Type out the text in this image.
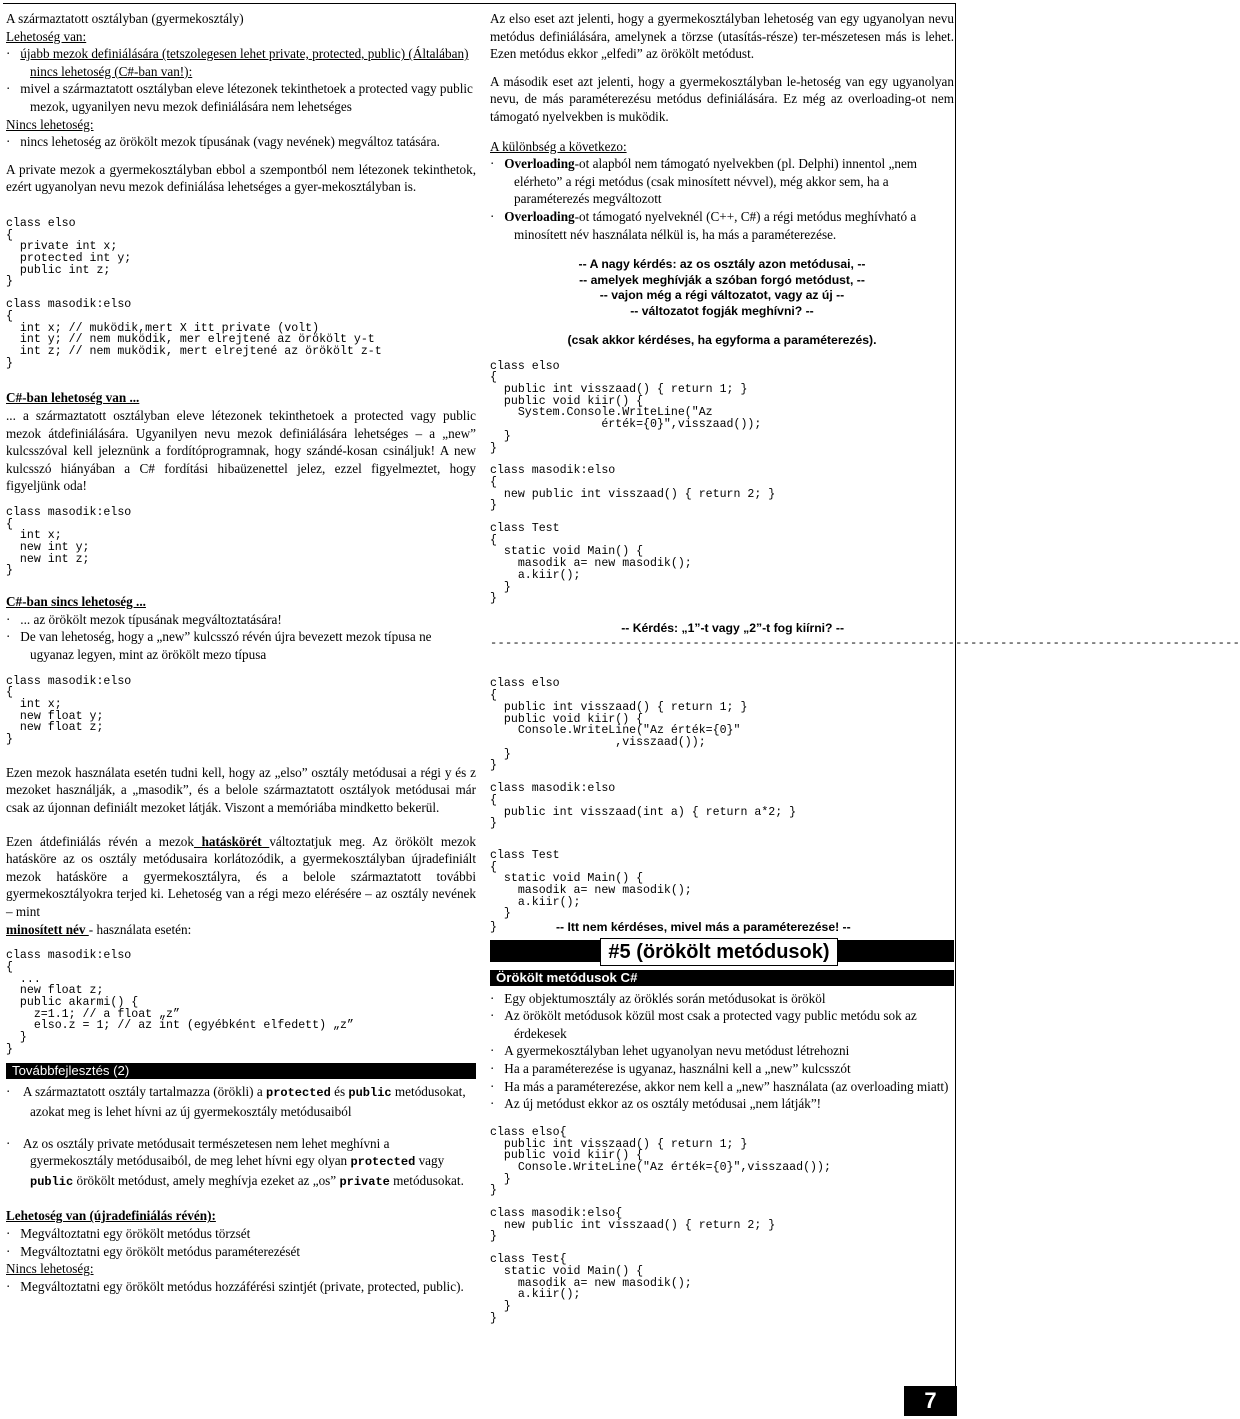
A származtatott osztályban (gyermekosztály)
Lehetoség van:
·   újabb mezok definiálására (tetszolegesen lehet private, protected, public) (Általában) nincs lehetoség (C#-ban van!):
·   mivel a származtatott osztályban eleve létezonek tekinthetoek a protected vagy public mezok, ugyanilyen nevu mezok definiálására nem lehetséges
Nincs lehetoség:
·   nincs lehetoség az örökölt mezok típusának (vagy nevének) megváltoz tatására.

A private mezok a gyermekosztályban ebbol a szempontból nem létezonek tekinthetok, ezért ugyanolyan nevu mezok definiálása lehetséges a gyer-mekosztályban is.

class elso
{
private int x;
protected int y;
public int z;
}
class masodik:elso
{
int x; // muködik,mert X itt private (volt)
int y; // nem muködik, mer elrejtené az örökölt y-t
int z; // nem muködik, mert elrejtené az örökölt z-t
}
C#-ban lehetoség van ...
... a származtatott osztályban eleve létezonek tekinthetoek a protected vagy public mezok átdefiniálására. Ugyanilyen nevu mezok definiálására lehetséges – a „new” kulcsszóval kell jeleznünk a fordítóprogramnak, hogy szándé-kosan csináljuk! A new kulcsszó hiányában a C# fordítási hibaüzenettel jelez, ezzel figyelmeztet, hogy figyeljünk oda!
class masodik:elso
{
int x;
new int y;
new int z;
}
C#-ban sincs lehetoség ...
·   ... az örökölt mezok típusának megváltoztatására!
·   De van lehetoség, hogy a „new” kulcsszó révén újra bevezett mezok típusa ne ugyanaz legyen, mint az örökölt mezo típusa
class masodik:elso
{
int x;
new float y;
new float z;
}

Ezen mezok használata esetén tudni kell, hogy az „elso” osztály metódusai a régi y és z mezoket használják, a „masodik”, és a belole származtatott osztályok metódusai már csak az újonnan definiált mezoket látják. Viszont a memóriába mindketto bekerül.

Ezen átdefiniálás révén a mezok hatáskörét változtatjuk meg. Az örökölt mezok hatásköre az os osztály metódusaira korlátozódik, a gyermekosztályban újradefiniált mezok hatásköre a gyermekosztályra, és a belole származtatott további gyermekosztályokra terjed ki. Lehetoség van a régi mezo elérésére – az osztály nevének – mint
minosített név - használata esetén:

class masodik:elso
{
...
new float z;
public akarmi() {
z=1.1; // a float „z”
elso.z = 1; // az int (egyébként elfedett) „z”
}
}
Továbbfejlesztés (2)
·   A származtatott osztály tartalmazza (örökli) a protected és public metódusokat, azokat meg is lehet hívni az új gyermekosztály metódusaiból
·   Az os osztály private metódusait természetesen nem lehet meghívni a gyermekosztály metódusaiból, de meg lehet hívni egy olyan protected vagy public örökölt metódust, amely meghívja ezeket az „os” private metódusokat.
Lehetoség van (újradefiniálás révén):
·   Megváltoztatni egy örökölt metódus törzsét
·   Megváltoztatni egy örökölt metódus paraméterezését
Nincs lehetoség:
·   Megváltoztatni egy örökölt metódus hozzáférési szintjét (private, protected, public).

Az elso eset azt jelenti, hogy a gyermekosztályban lehetoség van egy ugyanolyan nevu metódus definiálására, amelynek a törzse (utasítás-része) ter-mészetesen más is lehet. Ezen metódus ekkor „elfedi” az örökölt metódust.

A második eset azt jelenti, hogy a gyermekosztályban le-hetoség van egy ugyanolyan nevu, de más paraméterezésu metódus definiálására. Ez még az overloading-ot nem támogató nyelvekben is muködik.

A különbség a következo:
·   Overloading-ot alapból nem támogató nyelvekben (pl. Delphi) innentol „nem elérheto” a régi metódus (csak minosített névvel), még akkor sem, ha a paraméterezés megváltozott
·   Overloading-ot támogató nyelveknél (C++, C#) a régi metódus meghívható a minosített név használata nélkül is, ha más a paraméterezése.
-- A nagy kérdés: az os osztály azon metódusai, --
-- amelyek meghívják a szóban forgó metódust, --
-- vajon még a régi változatot, vagy az új --
-- változatot fogják meghívni? --
(csak akkor kérdéses, ha egyforma a paraméterezés).
class elso
{
public int visszaad() { return 1; }
public void kiir() {
System.Console.WriteLine("Az
érték={0}",visszaad());
}
}
class masodik:elso
{
new public int visszaad() { return 2; }
}
class Test
{
static void Main() {
masodik a= new masodik();
a.kiir();
}
}
-- Kérdés: „1”-t vagy „2”-t fog kiírni? --
----------------------------------------------------------------------------------------------------
class elso
{
public int visszaad() { return 1; }
public void kiir() {
Console.WriteLine("Az érték={0}"
,visszaad());
}
}
class masodik:elso
{
public int visszaad(int a) { return a*2; }
}
class Test
{
static void Main() {
masodik a= new masodik();
a.kiir();
}
}	-- Itt nem kérdéses, mivel más a paraméterezése! --
#5 (örökölt metódusok)
Örökölt metódusok C#
·   Egy objektumosztály az öröklés során metódusokat is örököl
·   Az örökölt metódusok közül most csak a protected vagy public metódu sok az érdekesek
·   A gyermekosztályban lehet ugyanolyan nevu metódust létrehozni
·   Ha a paraméterezése is ugyanaz, használni kell a „new” kulcsszót
·   Ha más a paraméterezése, akkor nem kell a „new” használata (az overloading miatt)
·   Az új metódust ekkor az os osztály metódusai „nem látják”!
class elso{
public int visszaad() { return 1; }
public void kiir() {
Console.WriteLine("Az érték={0}",visszaad());
}
}
class masodik:elso{
new public int visszaad() { return 2; }
}
class Test{
static void Main() {
masodik a= new masodik();
a.kiir();
}
}
7
